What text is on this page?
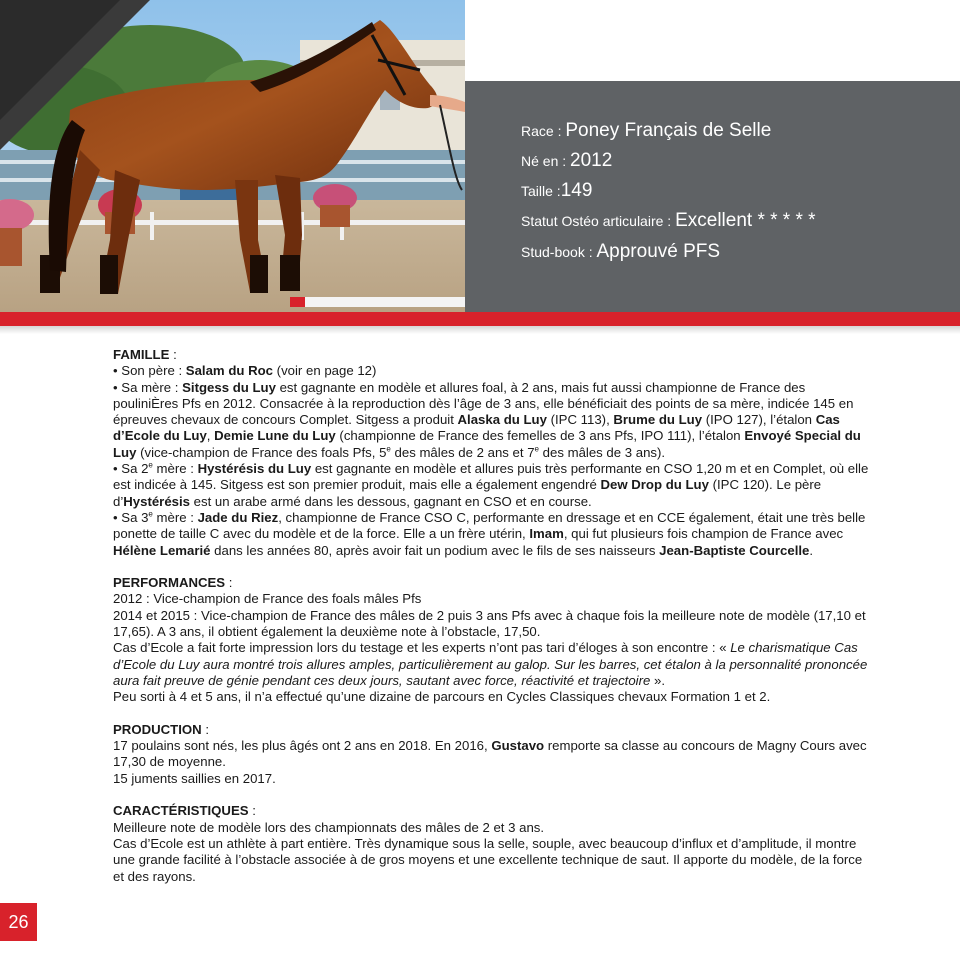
Race : Poney Français de Selle
Né en : 2012
Taille :149
Statut Ostéo articulaire : Excellent * * * * *
Stud-book : Approuvé PFS

FAMILLE :

• Son père : Salam du Roc (voir en page 12)

• Sa mère : Sitgess du Luy est gagnante en modèle et allures foal, à 2 ans, mais fut aussi championne de France des pouliniÈres Pfs en 2012. Consacrée à la reproduction dès l’âge de 3 ans, elle bénéficiait des points de sa mère, indicée 145 en épreuves chevaux de concours Complet. Sitgess a produit Alaska du Luy (IPC 113), Brume du Luy (IPO 127), l’étalon Cas d’Ecole du Luy, Demie Lune du Luy (championne de France des femelles de 3 ans Pfs, IPO 111), l’étalon Envoyé Special du Luy (vice-champion de France des foals Pfs, 5e des mâles de 2 ans et 7e des mâles de 3 ans).

• Sa 2e mère : Hystérésis du Luy est gagnante en modèle et allures puis très performante en CSO 1,20 m et en Complet, où elle est indicée à 145. Sitgess est son premier produit, mais elle a également engendré Dew Drop du Luy (IPC 120). Le père d’Hystérésis est un arabe armé dans les dessous, gagnant en CSO et en course.

• Sa 3e mère : Jade du Riez, championne de France CSO C, performante en dressage et en CCE également, était une très belle ponette de taille C avec du modèle et de la force. Elle a un frère utérin, Imam, qui fut plusieurs fois champion de France avec Hélène Lemarié dans les années 80, après avoir fait un podium avec le fils de ses naisseurs Jean-Baptiste Courcelle.

PERFORMANCES :

2012 : Vice-champion de France des foals mâles Pfs

2014 et 2015 : Vice-champion de France des mâles de 2 puis 3 ans Pfs avec à chaque fois la meilleure note de modèle (17,10 et 17,65). A 3 ans, il obtient également la deuxième note à l’obstacle, 17,50.

Cas d’Ecole a fait forte impression lors du testage et les experts n’ont pas tari d’éloges à son encontre : « Le charismatique Cas d’Ecole du Luy aura montré trois allures amples, particulièrement au galop. Sur les barres, cet étalon à la personnalité prononcée aura fait preuve de génie pendant ces deux jours, sautant avec force, réactivité et trajectoire ».

Peu sorti à 4 et 5 ans, il n’a effectué qu’une dizaine de parcours en Cycles Classiques chevaux Formation 1 et 2.

PRODUCTION :

17 poulains sont nés, les plus âgés ont 2 ans en 2018. En 2016, Gustavo remporte sa classe au concours de Magny Cours avec 17,30 de moyenne.

15 juments saillies en 2017.

CARACTÉRISTIQUES :

Meilleure note de modèle lors des championnats des mâles de 2 et 3 ans.

Cas d’Ecole est un athlète à part entière. Très dynamique sous la selle, souple, avec beaucoup d’influx et d’amplitude, il montre une grande facilité à l’obstacle associée à de gros moyens et une excellente technique de saut. Il apporte du modèle, de la force et des rayons.

26
